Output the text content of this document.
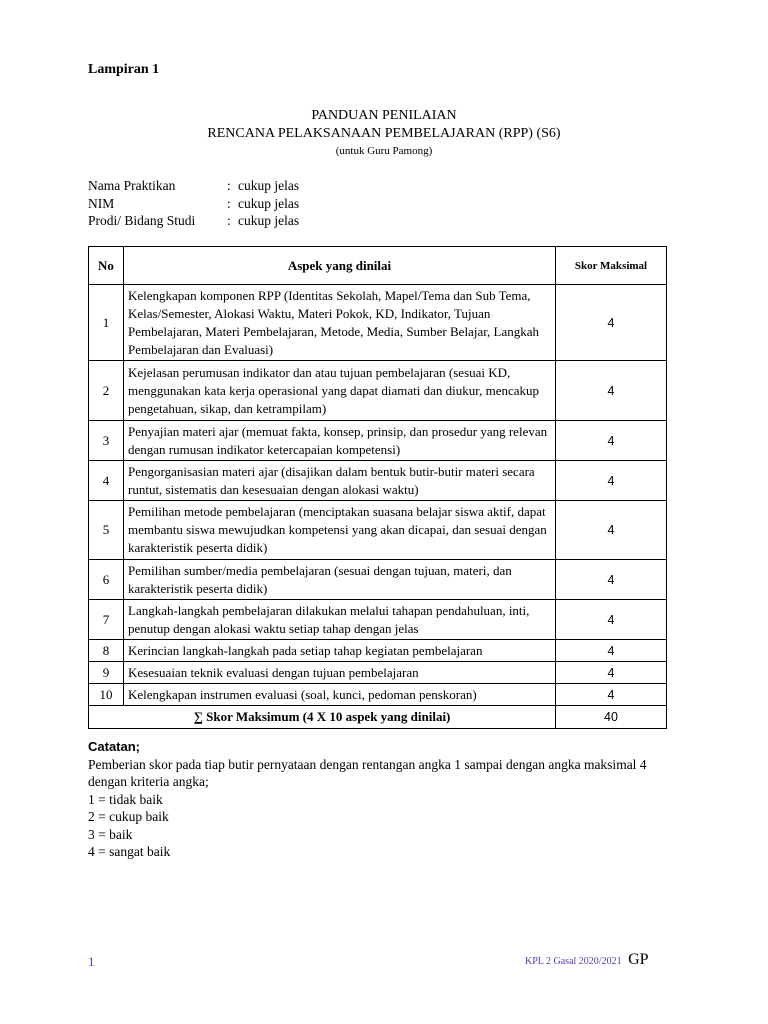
Lampiran 1
PANDUAN PENILAIAN
RENCANA PELAKSANAAN PEMBELAJARAN (RPP) (S6)
(untuk Guru Pamong)
Nama Praktikan	: cukup jelas
NIM	: cukup jelas
Prodi/ Bidang Studi : cukup jelas
No	Aspek yang dinilai	Skor Maksimal
1	Kelengkapan komponen RPP (Identitas Sekolah, Mapel/Tema dan Sub Tema, Kelas/Semester, Alokasi Waktu, Materi Pokok, KD, Indikator, Tujuan Pembelajaran, Materi Pembelajaran, Metode, Media, Sumber Belajar, Langkah Pembelajaran dan Evaluasi)	4
2	Kejelasan perumusan indikator dan atau tujuan pembelajaran (sesuai KD, menggunakan kata kerja operasional yang dapat diamati dan diukur, mencakup pengetahuan, sikap, dan ketrampilam)	4
3	Penyajian materi ajar (memuat fakta, konsep, prinsip, dan prosedur yang relevan dengan rumusan indikator ketercapaian kompetensi)	4
4	Pengorganisasian materi ajar (disajikan dalam bentuk butir-butir materi secara runtut, sistematis dan kesesuaian dengan alokasi waktu)	4
5	Pemilihan metode pembelajaran (menciptakan suasana belajar siswa aktif, dapat membantu siswa mewujudkan kompetensi yang akan dicapai, dan sesuai dengan karakteristik peserta didik)	4
6	Pemilihan sumber/media pembelajaran (sesuai dengan tujuan, materi, dan karakteristik peserta didik)	4
7	Langkah-langkah pembelajaran dilakukan melalui tahapan pendahuluan, inti, penutup dengan alokasi waktu setiap tahap dengan jelas	4
8	Kerincian langkah-langkah pada setiap tahap kegiatan pembelajaran	4
9	Kesesuaian teknik evaluasi dengan tujuan pembelajaran	4
10	Kelengkapan instrumen evaluasi (soal, kunci, pedoman penskoran)	4
∑ Skor Maksimum (4 X 10 aspek yang dinilai)		40
Catatan;
Pemberian skor pada tiap butir pernyataan dengan rentangan angka 1 sampai dengan angka maksimal 4 dengan kriteria angka;
1 = tidak baik
2 = cukup baik
3 = baik
4 = sangat baik
1	KPL 2 Gasal 2020/2021 GP
